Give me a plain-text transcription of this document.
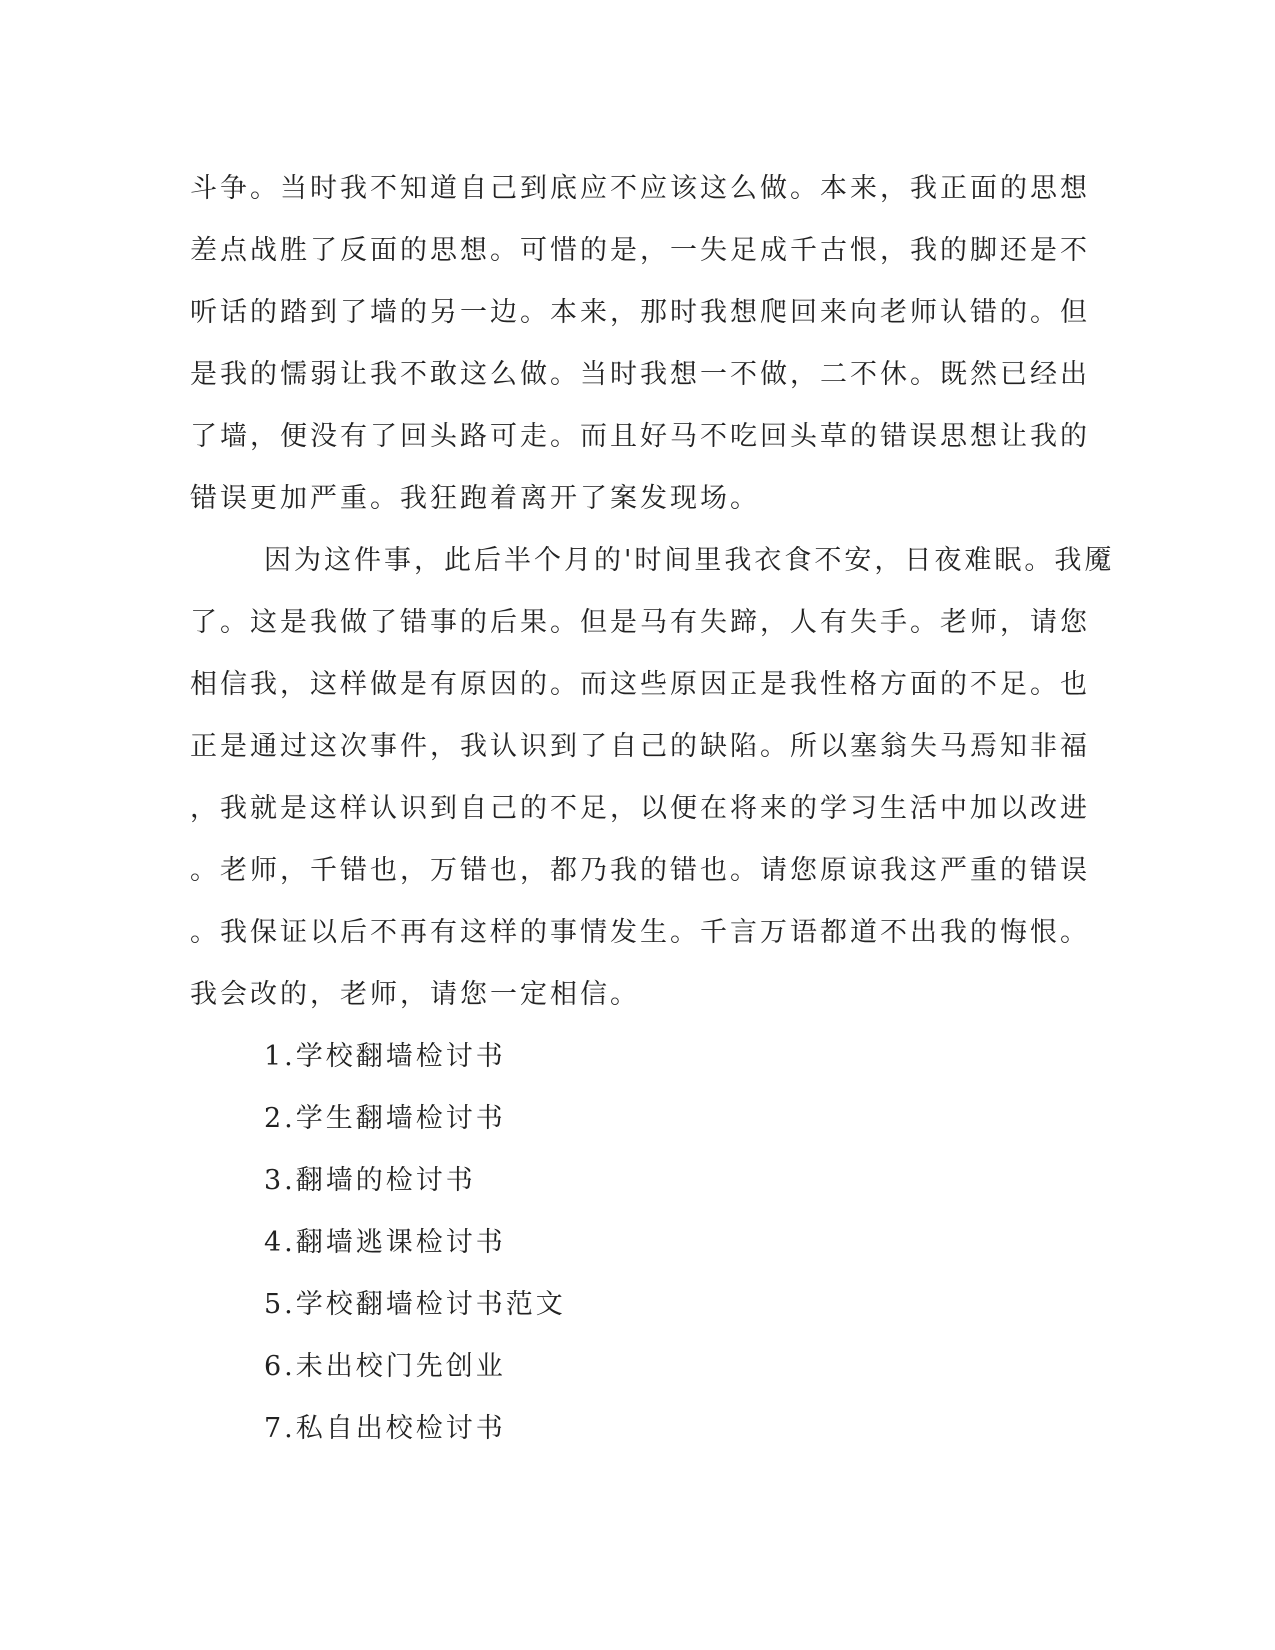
斗争。当时我不知道自己到底应不应该这么做。本来，我正面的思想
差点战胜了反面的思想。可惜的是，一失足成千古恨，我的脚还是不
听话的踏到了墙的另一边。本来，那时我想爬回来向老师认错的。但
是我的懦弱让我不敢这么做。当时我想一不做，二不休。既然已经出
了墙，便没有了回头路可走。而且好马不吃回头草的错误思想让我的
错误更加严重。我狂跑着离开了案发现场。
因为这件事，此后半个月的'时间里我衣食不安，日夜难眠。我魇
了。这是我做了错事的后果。但是马有失蹄，人有失手。老师，请您
相信我，这样做是有原因的。而这些原因正是我性格方面的不足。也
正是通过这次事件，我认识到了自己的缺陷。所以塞翁失马焉知非福
，我就是这样认识到自己的不足，以便在将来的学习生活中加以改进
。老师，千错也，万错也，都乃我的错也。请您原谅我这严重的错误
。我保证以后不再有这样的事情发生。千言万语都道不出我的悔恨。
我会改的，老师，请您一定相信。
1.学校翻墙检讨书
2.学生翻墙检讨书
3.翻墙的检讨书
4.翻墙逃课检讨书
5.学校翻墙检讨书范文
6.未出校门先创业
7.私自出校检讨书
